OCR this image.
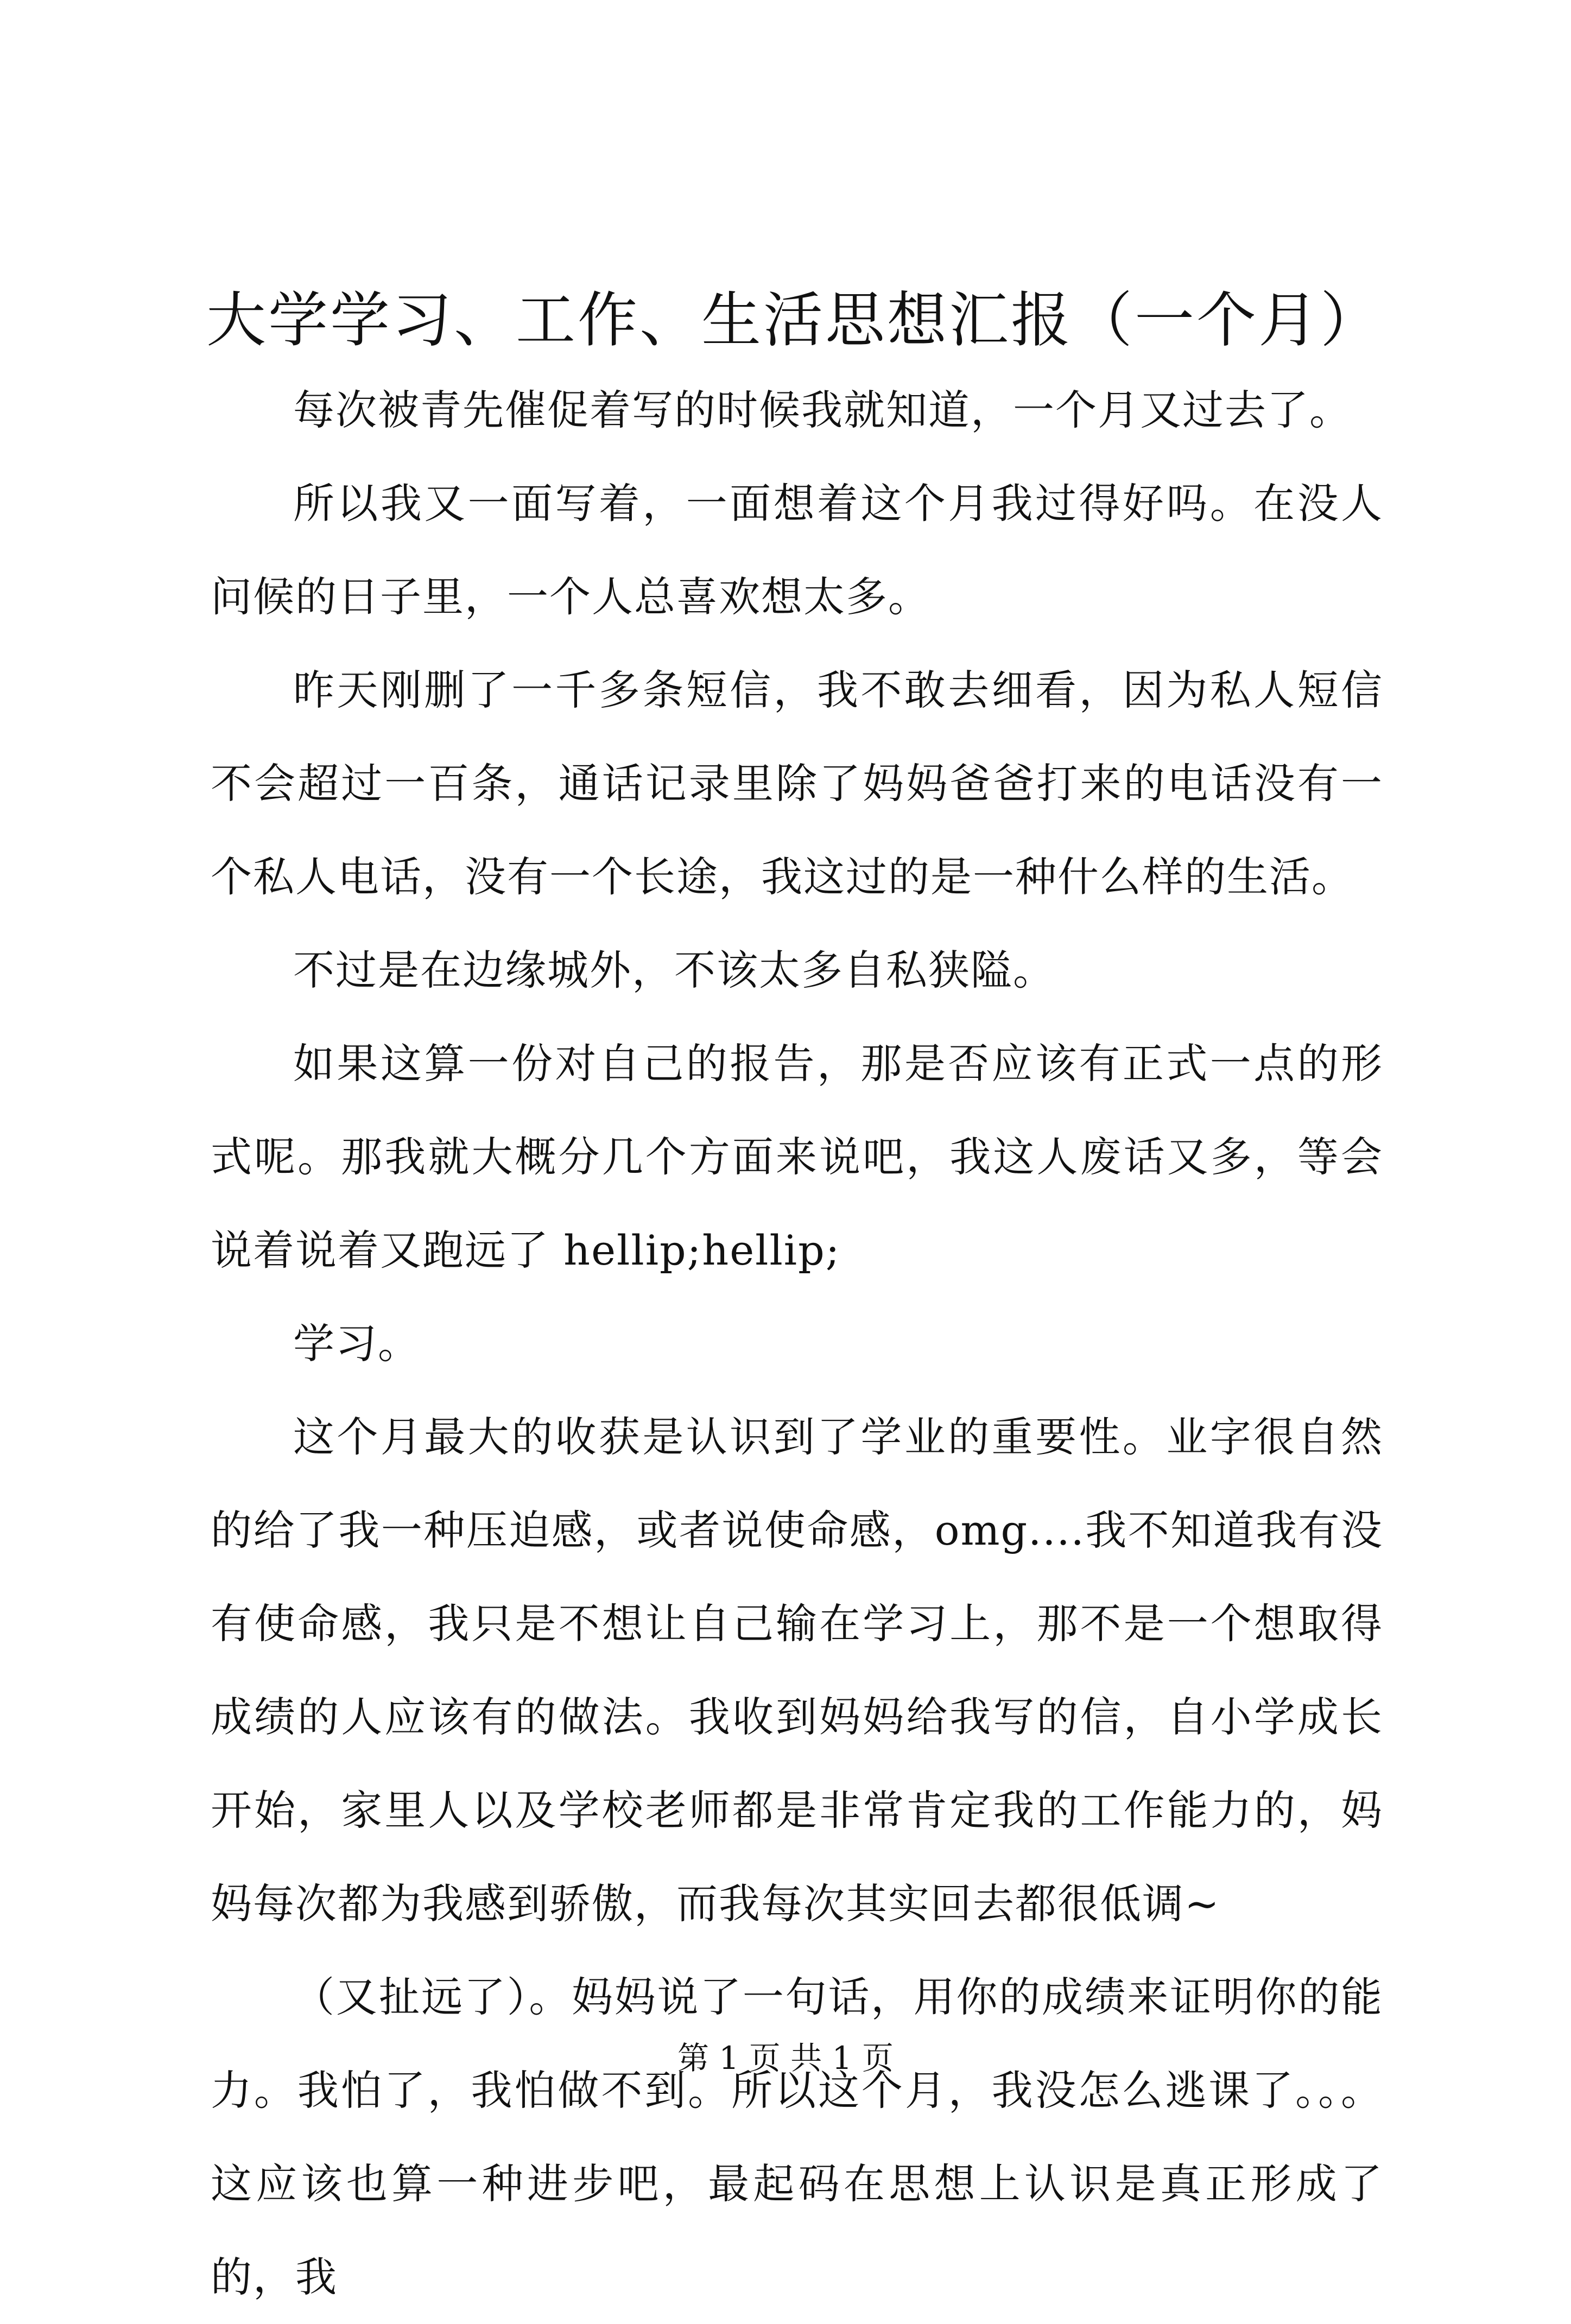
大学学习、工作、生活思想汇报（一个月）

每次被青先催促着写的时候我就知道，一个月又过去了。

所以我又一面写着，一面想着这个月我过得好吗。在没人问候的日子里，一个人总喜欢想太多。

昨天刚删了一千多条短信，我不敢去细看，因为私人短信不会超过一百条，通话记录里除了妈妈爸爸打来的电话没有一个私人电话，没有一个长途，我这过的是一种什么样的生活。

不过是在边缘城外，不该太多自私狭隘。

如果这算一份对自己的报告，那是否应该有正式一点的形式呢。那我就大概分几个方面来说吧，我这人废话又多，等会说着说着又跑远了 hellip;hellip;

学习。

这个月最大的收获是认识到了学业的重要性。业字很自然的给了我一种压迫感，或者说使命感，omg....我不知道我有没有使命感，我只是不想让自己输在学习上，那不是一个想取得成绩的人应该有的做法。我收到妈妈给我写的信，自小学成长开始，家里人以及学校老师都是非常肯定我的工作能力的，妈妈每次都为我感到骄傲，而我每次其实回去都很低调~

（又扯远了）。妈妈说了一句话，用你的成绩来证明你的能力。我怕了，我怕做不到。所以这个月，我没怎么逃课了。。。这应该也算一种进步吧，最起码在思想上认识是真正形成了的，我

第 1 页 共 1 页
